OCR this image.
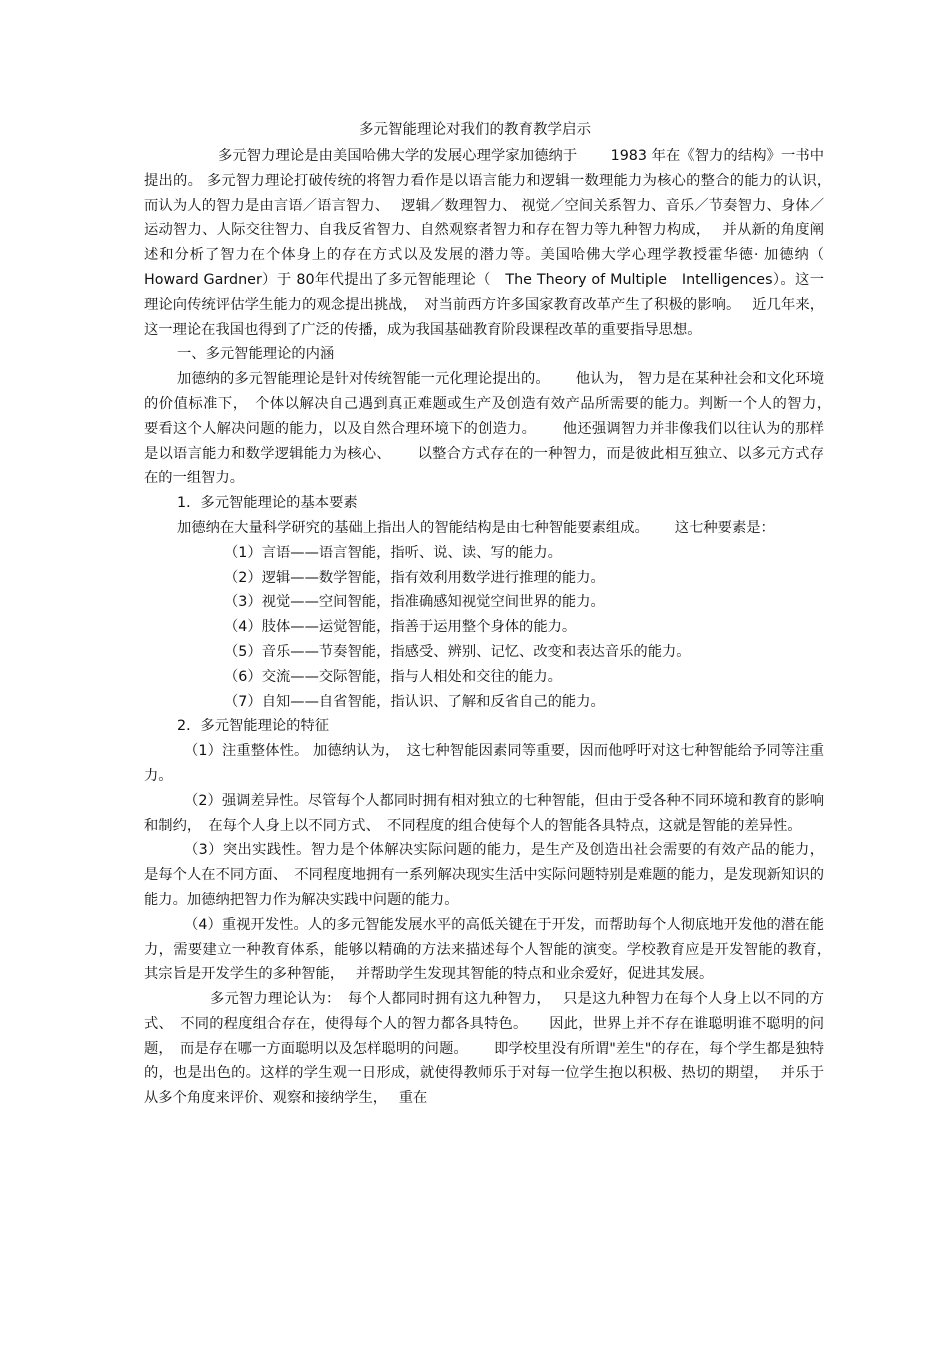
多元智能理论对我们的教育教学启示

多元智力理论是由美国哈佛大学的发展心理学家加德纳于　　 1983 年在《智力的结构》一书中提出的。 多元智力理论打破传统的将智力看作是以语言能力和逻辑一数理能力为核心的整合的能力的认识，　而认为人的智力是由言语／语言智力、　 逻辑／数理智力、 视觉／空间关系智力、音乐／节奏智力、身体／运动智力、人际交往智力、自我反省智力、自然观察者智力和存在智力等九种智力构成，　 并从新的角度阐述和分析了智力在个体身上的存在方式以及发展的潜力等。美国哈佛大学心理学教授霍华德· 加德纳（　　 Howard Gardner）于 80年代提出了多元智能理论（　The Theory of Multiple　Intelligences）。这一理论向传统评估学生能力的观念提出挑战，　对当前西方许多国家教育改革产生了积极的影响。　 近几年来， 这一理论在我国也得到了广泛的传播，成为我国基础教育阶段课程改革的重要指导思想。

一、多元智能理论的内涵

加德纳的多元智能理论是针对传统智能一元化理论提出的。　　 他认为， 智力是在某种社会和文化环境的价值标准下，　个体以解决自己遇到真正难题或生产及创造有效产品所需要的能力。判断一个人的智力，　要看这个人解决问题的能力，以及自然合理环境下的创造力。　　 他还强调智力并非像我们以往认为的那样是以语言能力和数学逻辑能力为核心、　　 以整合方式存在的一种智力，而是彼此相互独立、以多元方式存在的一组智力。

1．多元智能理论的基本要素

加德纳在大量科学研究的基础上指出人的智能结构是由七种智能要素组成。　　 这七种要素是：

（1）言语——语言智能，指听、说、读、写的能力。

（2）逻辑——数学智能，指有效利用数学进行推理的能力。

（3）视觉——空间智能，指准确感知视觉空间世界的能力。

（4）肢体——运觉智能，指善于运用整个身体的能力。

（5）音乐——节奏智能，指感受、辨别、记忆、改变和表达音乐的能力。

（6）交流——交际智能，指与人相处和交往的能力。

（7）自知——自省智能，指认识、了解和反省自己的能力。

2．多元智能理论的特征

（1）注重整体性。 加德纳认为，　这七种智能因素同等重要，因而他呼吁对这七种智能给予同等注重力。

（2）强调差异性。尽管每个人都同时拥有相对独立的七种智能，但由于受各种不同环境和教育的影响和制约，　在每个人身上以不同方式、　不同程度的组合使每个人的智能各具特点，这就是智能的差异性。

（3）突出实践性。智力是个体解决实际问题的能力，是生产及创造出社会需要的有效产品的能力， 是每个人在不同方面、　不同程度地拥有一系列解决现实生活中实际问题特别是难题的能力，是发现新知识的能力。加德纳把智力作为解决实践中问题的能力。

（4）重视开发性。人的多元智能发展水平的高低关键在于开发，而帮助每个人彻底地开发他的潜在能力，需要建立一种教育体系，能够以精确的方法来描述每个人智能的演变。学校教育应是开发智能的教育，　 其宗旨是开发学生的多种智能，　 并帮助学生发现其智能的特点和业余爱好，促进其发展。

多元智力理论认为：　每个人都同时拥有这九种智力，　 只是这九种智力在每个人身上以不同的方式、　不同的程度组合存在，使得每个人的智力都各具特色。　　因此，世界上并不存在谁聪明谁不聪明的问题，　而是存在哪一方面聪明以及怎样聪明的问题。　　 即学校里没有所谓"差生"的存在，每个学生都是独特的，也是出色的。这样的学生观一日形成，就使得教师乐于对每一位学生抱以积极、热切的期望，　 并乐于从多个角度来评价、观察和接纳学生，　 重在
